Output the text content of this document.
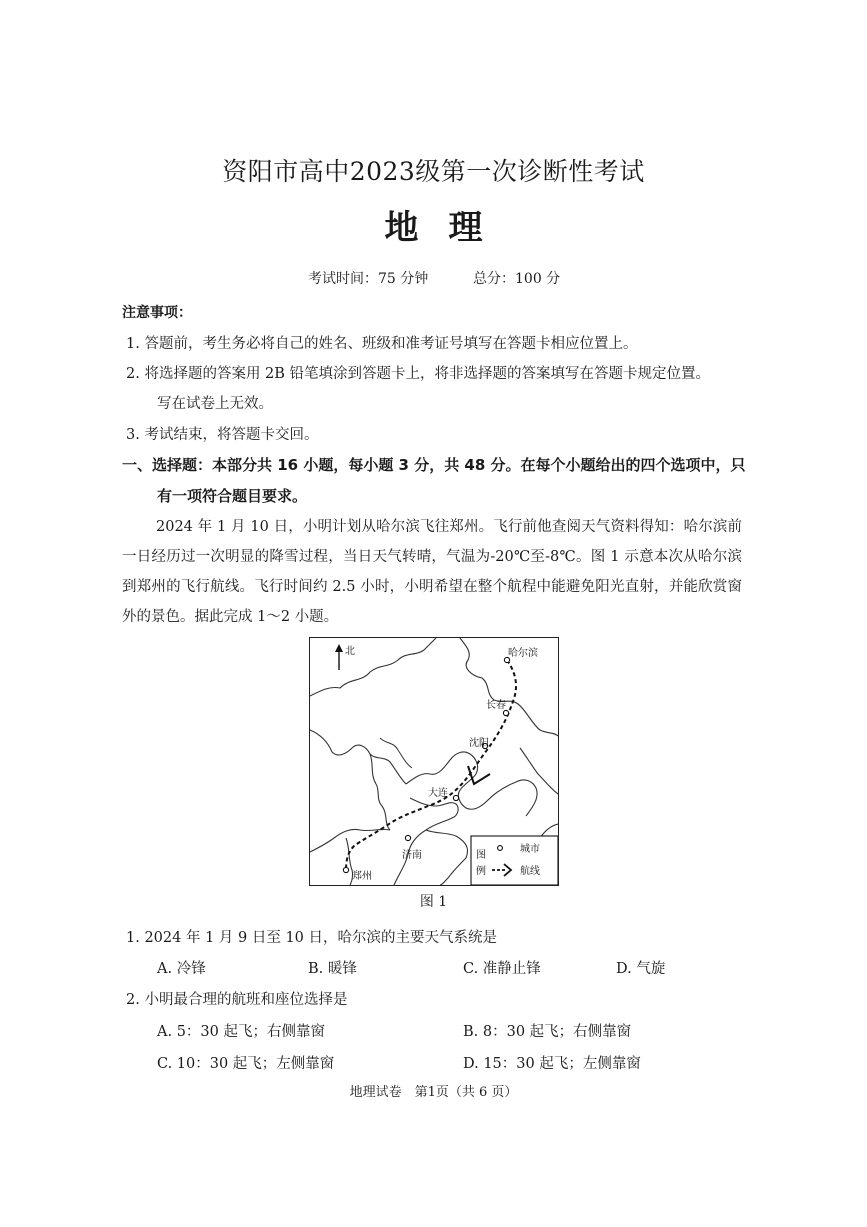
资阳市高中2023级第一次诊断性考试
地理
考试时间：75 分钟	总分：100 分
注意事项：
1. 答题前，考生务必将自己的姓名、班级和准考证号填写在答题卡相应位置上。
2. 将选择题的答案用 2B 铅笔填涂到答题卡上，将非选择题的答案填写在答题卡规定位置。
写在试卷上无效。
3. 考试结束，将答题卡交回。
一、选择题：本部分共 16 小题，每小题 3 分，共 48 分。在每个小题给出的四个选项中，只
有一项符合题目要求。
2024 年 1 月 10 日，小明计划从哈尔滨飞往郑州。飞行前他查阅天气资料得知：哈尔滨前一日经历过一次明显的降雪过程，当日天气转晴，气温为-20℃至-8℃。图 1 示意本次从哈尔滨到郑州的飞行航线。飞行时间约 2.5 小时，小明希望在整个航程中能避免阳光直射，并能欣赏窗外的景色。据此完成 1～2 小题。
北	哈尔滨
长春
沈阳
大连
济南
郑州
图
例
城市
航线
图 1
1. 2024 年 1 月 9 日至 10 日，哈尔滨的主要天气系统是
A. 冷锋	B. 暖锋	C. 准静止锋	D. 气旋
2. 小明最合理的航班和座位选择是
A. 5：30 起飞；右侧靠窗	B. 8：30 起飞；右侧靠窗
C. 10：30 起飞；左侧靠窗	D. 15：30 起飞；左侧靠窗
地理试卷　第1页（共 6 页）
